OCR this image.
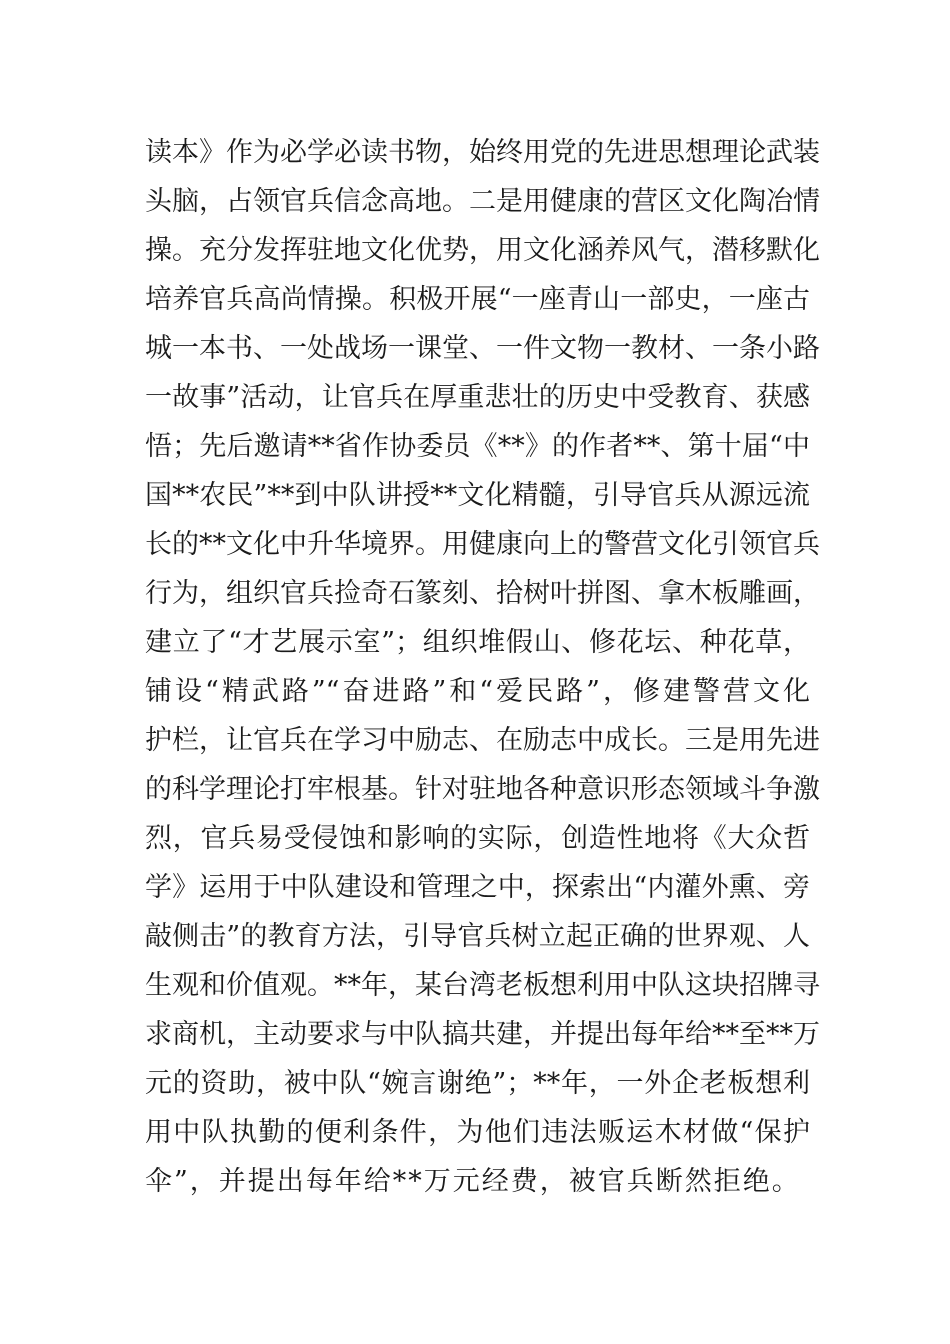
读本》作为必学必读书物，始终用党的先进思想理论武装
头脑，占领官兵信念高地。二是用健康的营区文化陶冶情
操。充分发挥驻地文化优势，用文化涵养风气，潜移默化
培养官兵高尚情操。积极开展“一座青山一部史，一座古
城一本书、一处战场一课堂、一件文物一教材、一条小路
一故事”活动，让官兵在厚重悲壮的历史中受教育、获感
悟；先后邀请**省作协委员《**》的作者**、第十届“中
国**农民”**到中队讲授**文化精髓，引导官兵从源远流
长的**文化中升华境界。用健康向上的警营文化引领官兵
行为，组织官兵捡奇石篆刻、拾树叶拼图、拿木板雕画，
建立了“才艺展示室”；组织堆假山、修花坛、种花草，
铺设“精武路”“奋进路”和“爱民路”，修建警营文化
护栏，让官兵在学习中励志、在励志中成长。三是用先进
的科学理论打牢根基。针对驻地各种意识形态领域斗争激
烈，官兵易受侵蚀和影响的实际，创造性地将《大众哲
学》运用于中队建设和管理之中，探索出“内灌外熏、旁
敲侧击”的教育方法，引导官兵树立起正确的世界观、人
生观和价值观。**年，某台湾老板想利用中队这块招牌寻
求商机，主动要求与中队搞共建，并提出每年给**至**万
元的资助，被中队“婉言谢绝”；**年，一外企老板想利
用中队执勤的便利条件，为他们违法贩运木材做“保护
伞”，并提出每年给**万元经费，被官兵断然拒绝。
